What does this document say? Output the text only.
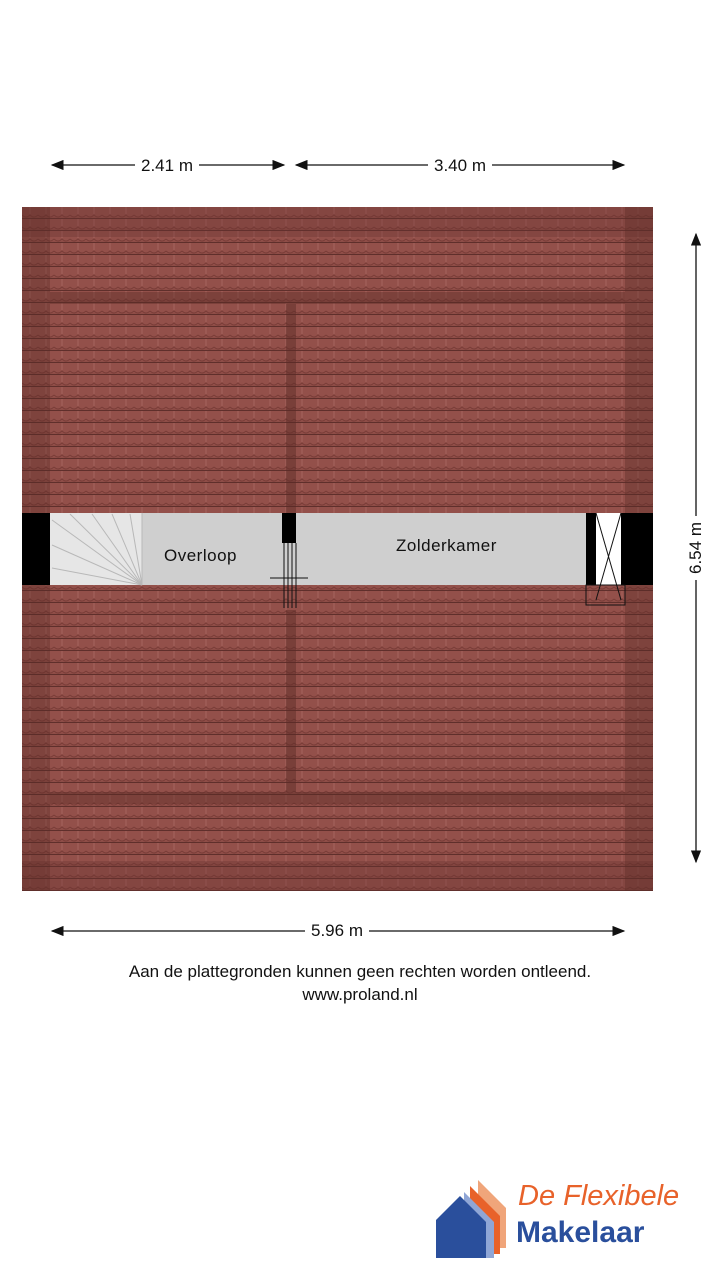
2.41 m	3.40 m
6.54 m
5.96 m
Overloop
Zolderkamer
Aan de plattegronden kunnen geen rechten worden ontleend.
www.proland.nl
De Flexibele
Makelaar
